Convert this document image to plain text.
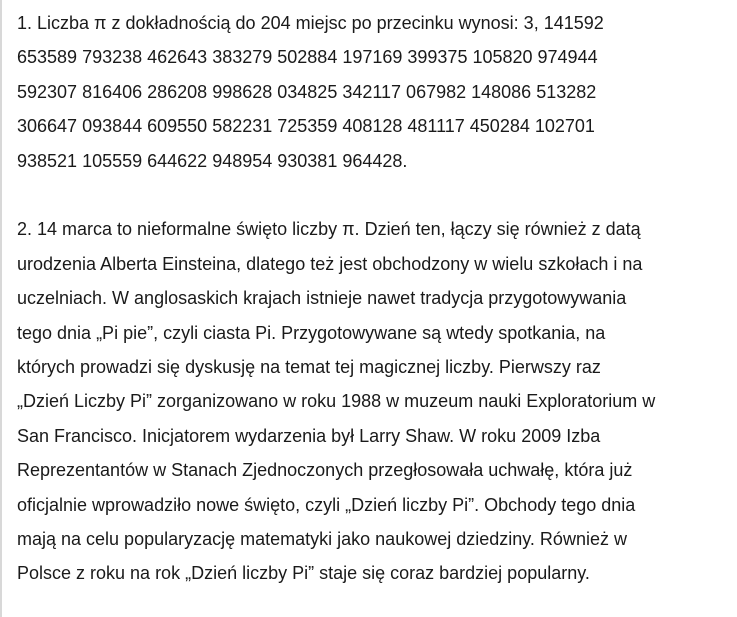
1. Liczba π z dokładnością do 204 miejsc po przecinku wynosi: 3, 141592
653589 793238 462643 383279 502884 197169 399375 105820 974944
592307 816406 286208 998628 034825 342117 067982 148086 513282
306647 093844 609550 582231 725359 408128 481117 450284 102701
938521 105559 644622 948954 930381 964428.

2. 14 marca to nieformalne święto liczby π. Dzień ten, łączy się również z datą
urodzenia Alberta Einsteina, dlatego też jest obchodzony w wielu szkołach i na
uczelniach. W anglosaskich krajach istnieje nawet tradycja przygotowywania
tego dnia „Pi pie”, czyli ciasta Pi. Przygotowywane są wtedy spotkania, na
których prowadzi się dyskusję na temat tej magicznej liczby. Pierwszy raz
„Dzień Liczby Pi” zorganizowano w roku 1988 w muzeum nauki Exploratorium w
San Francisco. Inicjatorem wydarzenia był Larry Shaw. W roku 2009 Izba
Reprezentantów w Stanach Zjednoczonych przegłosowała uchwałę, która już
oficjalnie wprowadziło nowe święto, czyli „Dzień liczby Pi”. Obchody tego dnia
mają na celu popularyzację matematyki jako naukowej dziedziny. Również w
Polsce z roku na rok „Dzień liczby Pi” staje się coraz bardziej popularny.
